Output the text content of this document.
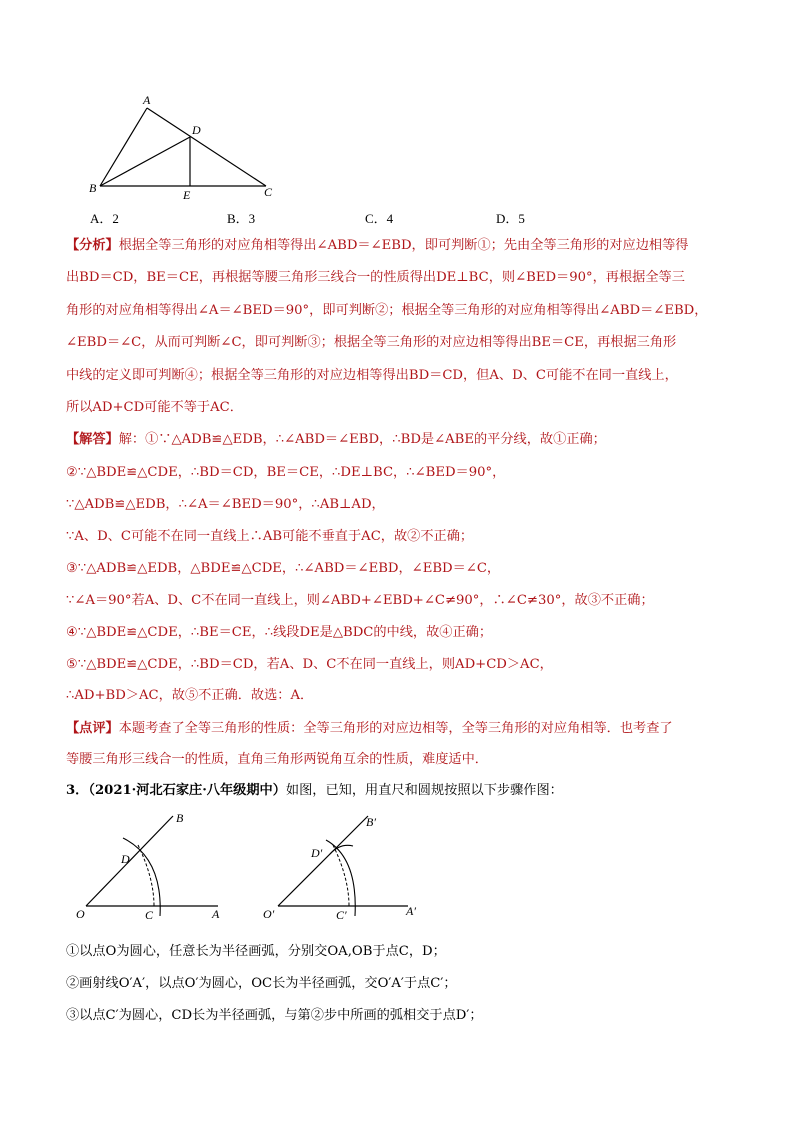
A
B	C
D
E
A．2	B．3	C．4	D．5
【分析】根据全等三角形的对应角相等得出∠ABD＝∠EBD，即可判断①；先由全等三角形的对应边相等得
出BD＝CD，BE＝CE，再根据等腰三角形三线合一的性质得出DE⊥BC，则∠BED＝90°，再根据全等三
角形的对应角相等得出∠A＝∠BED＝90°，即可判断②；根据全等三角形的对应角相等得出∠ABD＝∠EBD，
∠EBD＝∠C，从而可判断∠C，即可判断③；根据全等三角形的对应边相等得出BE＝CE，再根据三角形
中线的定义即可判断④；根据全等三角形的对应边相等得出BD＝CD，但A、D、C可能不在同一直线上，
所以AD+CD可能不等于AC．
【解答】解：①∵△ADB≌△EDB，∴∠ABD＝∠EBD，∴BD是∠ABE的平分线，故①正确；
②∵△BDE≌△CDE，∴BD＝CD，BE＝CE，∴DE⊥BC，∴∠BED＝90°，
∵△ADB≌△EDB，∴∠A＝∠BED＝90°，∴AB⊥AD，
∵A、D、C可能不在同一直线上∴AB可能不垂直于AC，故②不正确；
③∵△ADB≌△EDB，△BDE≌△CDE，∴∠ABD＝∠EBD，∠EBD＝∠C，
∵∠A＝90°若A、D、C不在同一直线上，则∠ABD+∠EBD+∠C≠90°，∴∠C≠30°，故③不正确；
④∵△BDE≌△CDE，∴BE＝CE，∴线段DE是△BDC的中线，故④正确；
⑤∵△BDE≌△CDE，∴BD＝CD，若A、D、C不在同一直线上，则AD+CD＞AC，
∴AD+BD＞AC，故⑤不正确．故选：A．
【点评】本题考查了全等三角形的性质：全等三角形的对应边相等，全等三角形的对应角相等．也考查了
等腰三角形三线合一的性质，直角三角形两锐角互余的性质，难度适中．
3．（2021·河北石家庄·八年级期中）如图，已知，用直尺和圆规按照以下步骤作图：
O	A
B
C
D
O′	A′
B′
C′
D′
①以点O为圆心，任意长为半径画弧，分别交OA,OB于点C，D；
②画射线O′A′，以点O′为圆心，OC长为半径画弧，交O′A′于点C′；
③以点C′为圆心，CD长为半径画弧，与第②步中所画的弧相交于点D′；
